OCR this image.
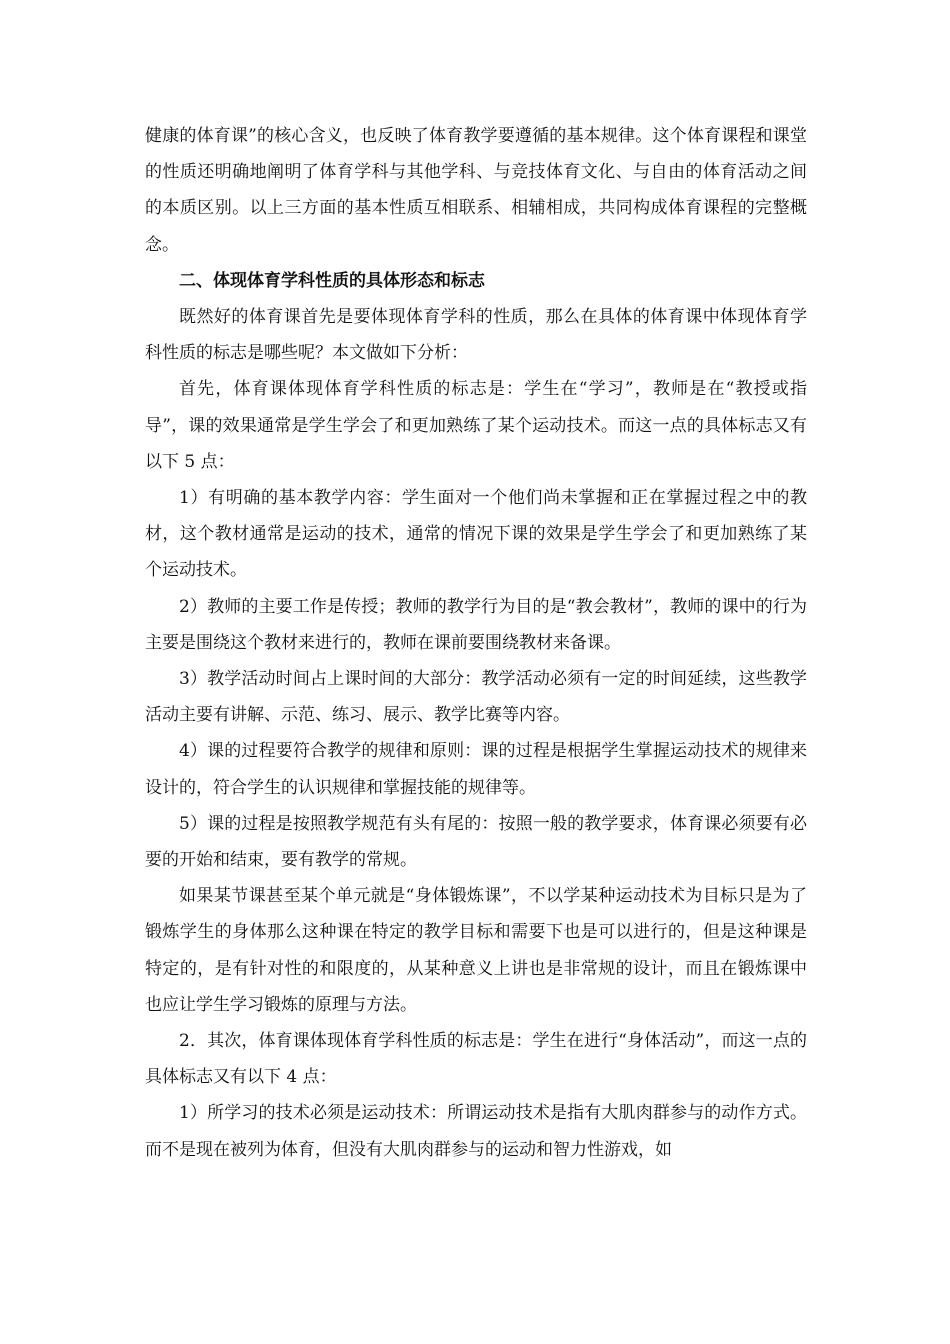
健康的体育课”的核心含义，也反映了体育教学要遵循的基本规律。这个体育课程和课堂的性质还明确地阐明了体育学科与其他学科、与竞技体育文化、与自由的体育活动之间的本质区别。以上三方面的基本性质互相联系、相辅相成，共同构成体育课程的完整概念。

二、体现体育学科性质的具体形态和标志

既然好的体育课首先是要体现体育学科的性质，那么在具体的体育课中体现体育学科性质的标志是哪些呢？本文做如下分析：

首先，体育课体现体育学科性质的标志是：学生在“学习”，教师是在“教授或指导”，课的效果通常是学生学会了和更加熟练了某个运动技术。而这一点的具体标志又有以下 5 点：

1）有明确的基本教学内容：学生面对一个他们尚未掌握和正在掌握过程之中的教材，这个教材通常是运动的技术，通常的情况下课的效果是学生学会了和更加熟练了某个运动技术。

2）教师的主要工作是传授；教师的教学行为目的是“教会教材”，教师的课中的行为主要是围绕这个教材来进行的，教师在课前要围绕教材来备课。

3）教学活动时间占上课时间的大部分：教学活动必须有一定的时间延续，这些教学活动主要有讲解、示范、练习、展示、教学比赛等内容。

4）课的过程要符合教学的规律和原则：课的过程是根据学生掌握运动技术的规律来设计的，符合学生的认识规律和掌握技能的规律等。

5）课的过程是按照教学规范有头有尾的：按照一般的教学要求，体育课必须要有必要的开始和结束，要有教学的常规。

如果某节课甚至某个单元就是“身体锻炼课”，不以学某种运动技术为目标只是为了锻炼学生的身体那么这种课在特定的教学目标和需要下也是可以进行的，但是这种课是特定的，是有针对性的和限度的，从某种意义上讲也是非常规的设计，而且在锻炼课中也应让学生学习锻炼的原理与方法。

2．其次，体育课体现体育学科性质的标志是：学生在进行“身体活动”，而这一点的具体标志又有以下 4 点：

1）所学习的技术必须是运动技术：所谓运动技术是指有大肌肉群参与的动作方式。而不是现在被列为体育，但没有大肌肉群参与的运动和智力性游戏，如
